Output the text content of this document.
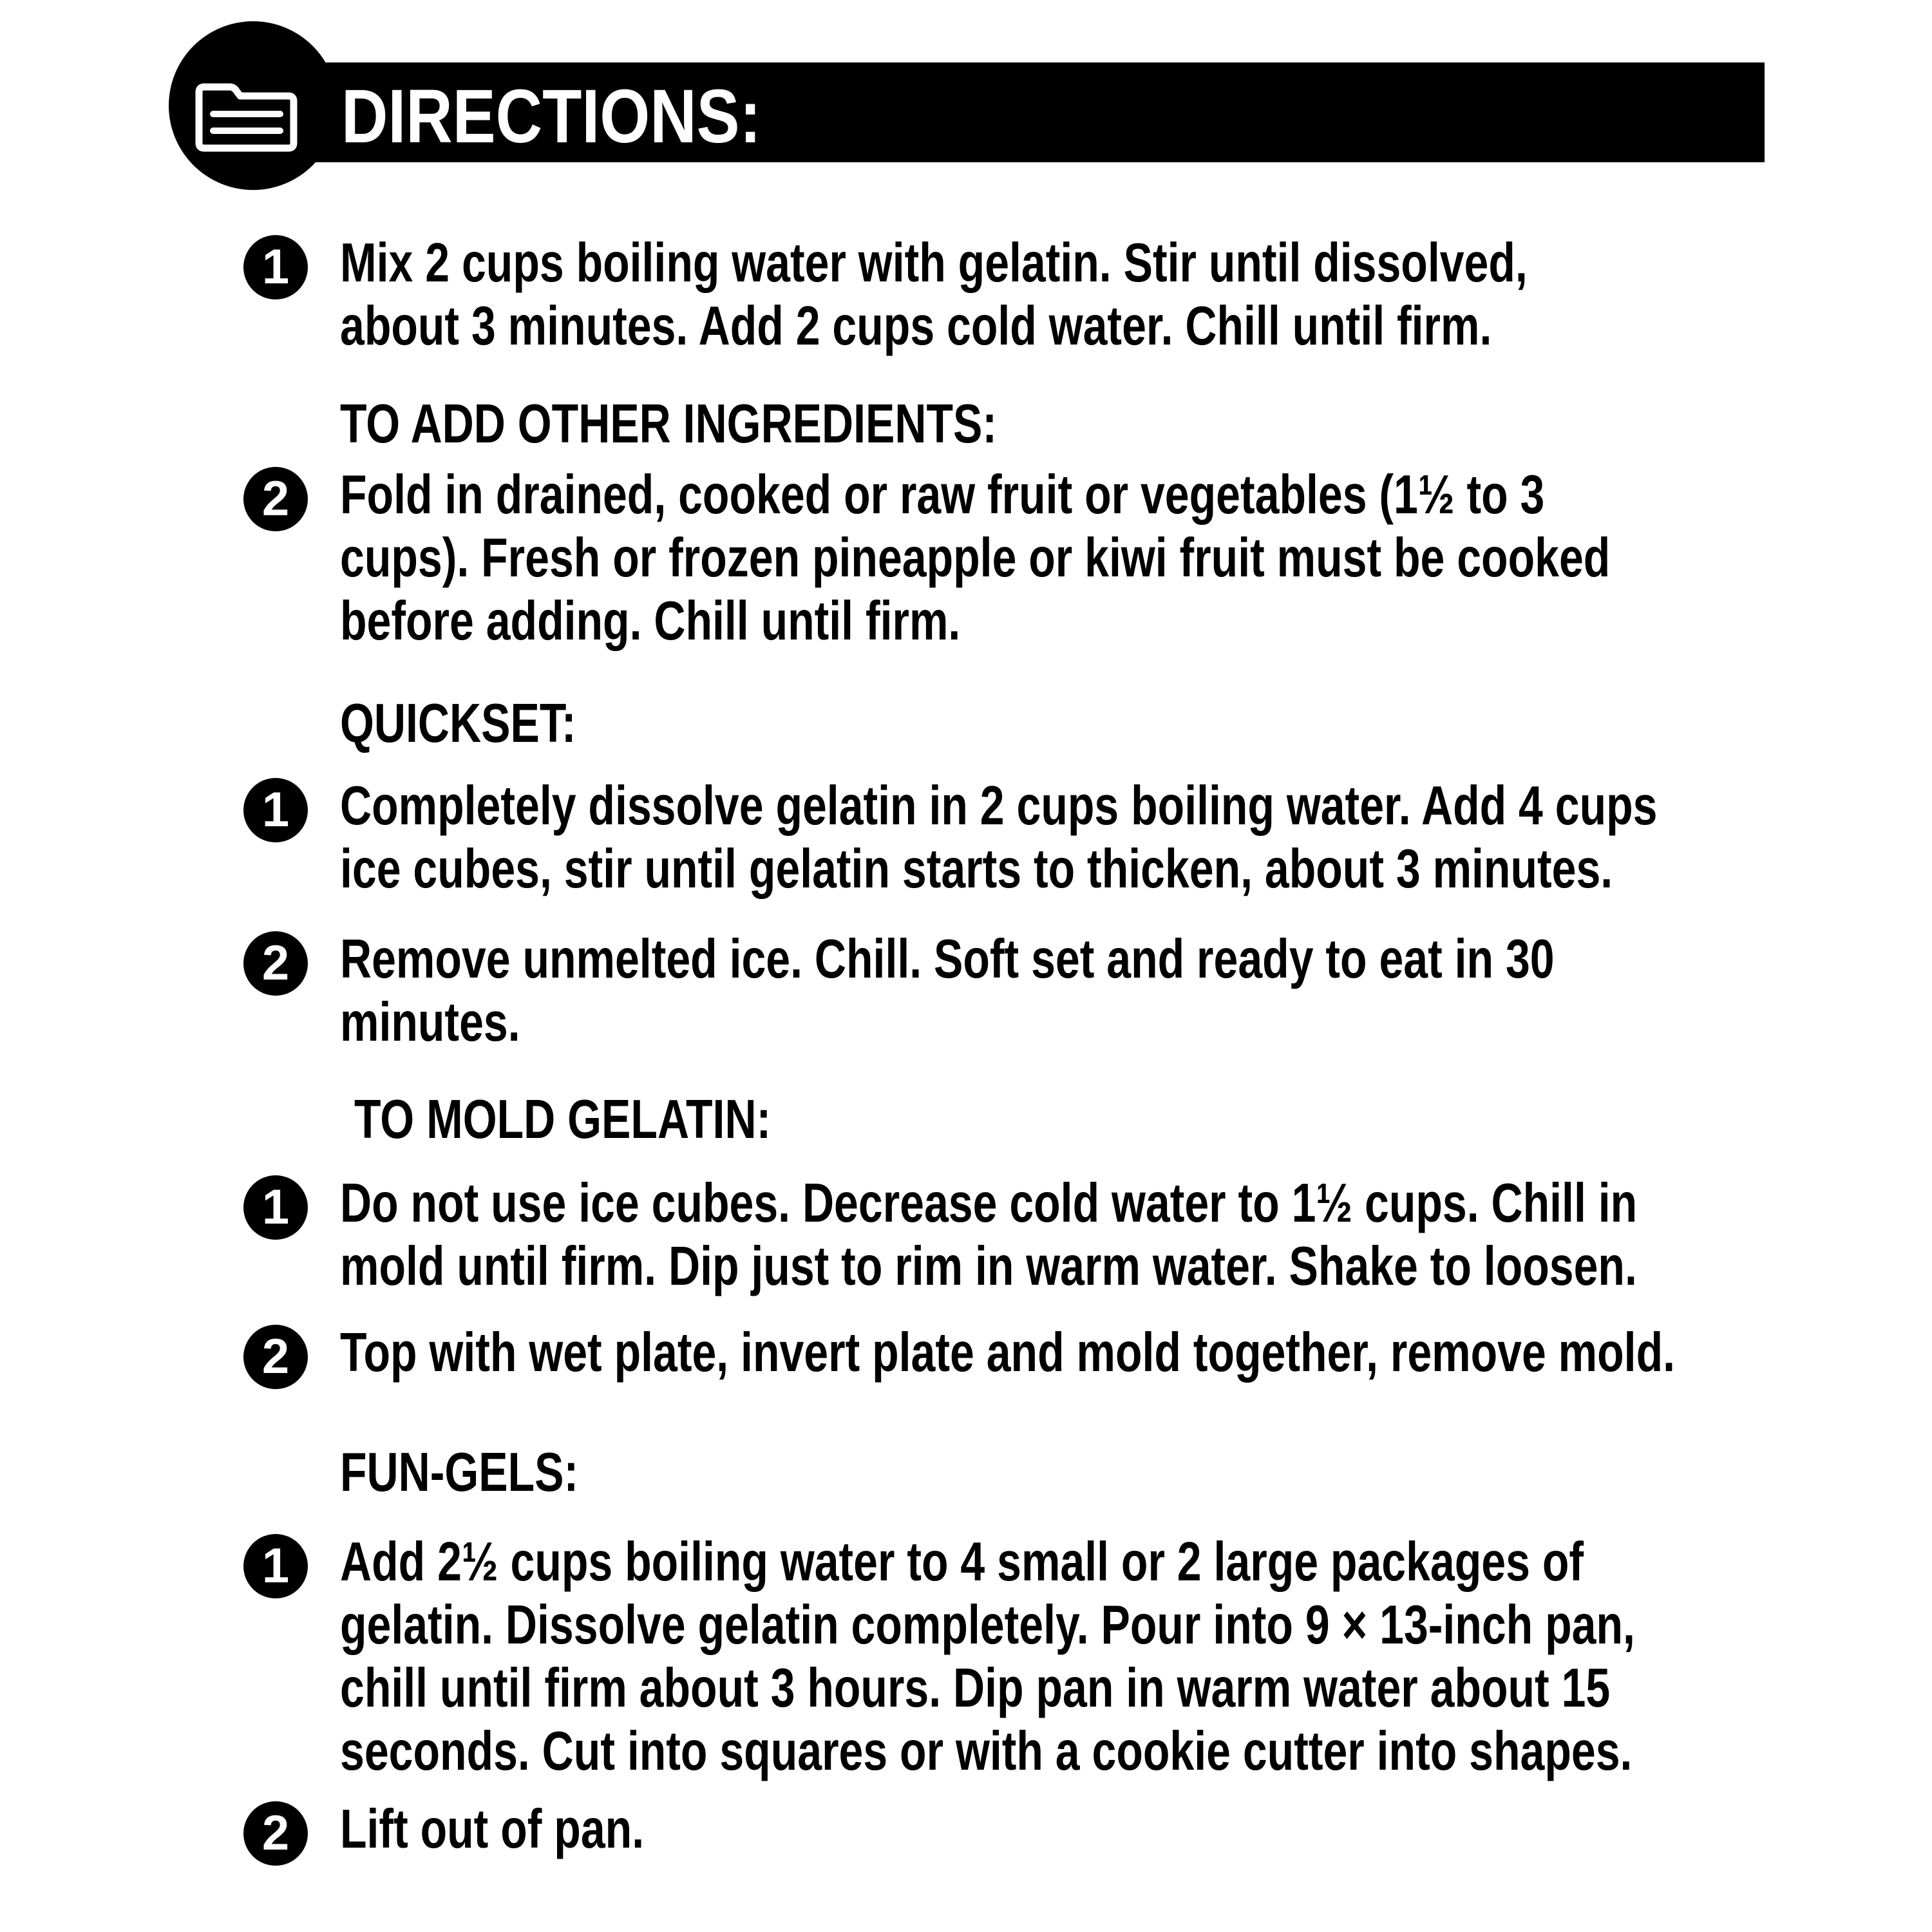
DIRECTIONS:
1 Mix 2 cups boiling water with gelatin. Stir until dissolved,
about 3 minutes. Add 2 cups cold water. Chill until firm.
TO ADD OTHER INGREDIENTS:
2 Fold in drained, cooked or raw fruit or vegetables (1½ to 3
cups). Fresh or frozen pineapple or kiwi fruit must be cooked
before adding. Chill until firm.
QUICKSET:
1 Completely dissolve gelatin in 2 cups boiling water. Add 4 cups
ice cubes, stir until gelatin starts to thicken, about 3 minutes.
2 Remove unmelted ice. Chill. Soft set and ready to eat in 30
minutes.
TO MOLD GELATIN:
1 Do not use ice cubes. Decrease cold water to 1½ cups. Chill in
mold until firm. Dip just to rim in warm water. Shake to loosen.
2 Top with wet plate, invert plate and mold together, remove mold.
FUN-GELS:
1 Add 2½ cups boiling water to 4 small or 2 large packages of
gelatin. Dissolve gelatin completely. Pour into 9 × 13-inch pan,
chill until firm about 3 hours. Dip pan in warm water about 15
seconds. Cut into squares or with a cookie cutter into shapes.
2 Lift out of pan.
